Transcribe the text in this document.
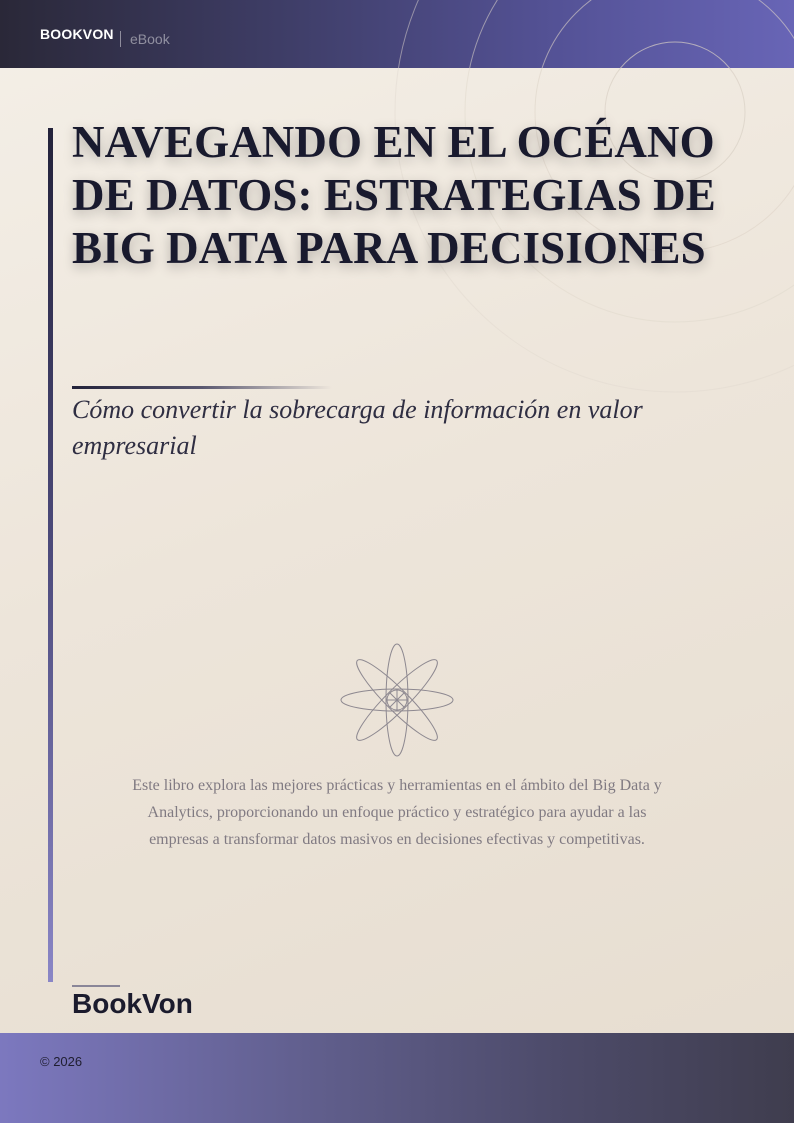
BOOKVON eBook
NAVEGANDO EN EL OCÉANO DE DATOS: ESTRATEGIAS DE BIG DATA PARA DECISIONES

Cómo convertir la sobrecarga de información en valor empresarial

Este libro explora las mejores prácticas y herramientas en el ámbito del Big Data y Analytics, proporcionando un enfoque práctico y estratégico para ayudar a las empresas a transformar datos masivos en decisiones efectivas y competitivas.

BookVon
© 2026
